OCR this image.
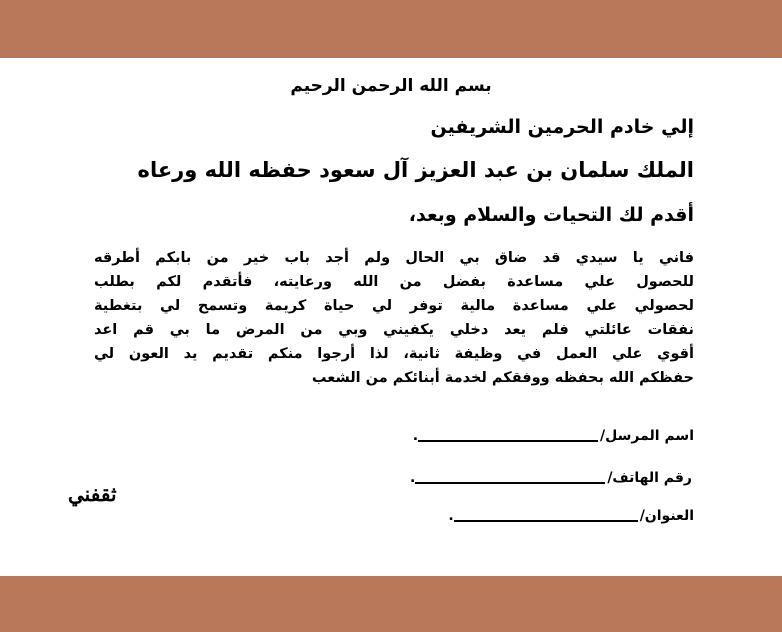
بسم الله الرحمن الرحيم
إلي خادم الحرمين الشريفين
الملك سلمان بن عبد العزيز آل سعود حفظه الله ورعاه
أقدم لك التحيات والسلام وبعد،
فاني يا سيدي قد ضاق بي الحال ولم أجد باب خير من بابكم أطرقه
للحصول علي مساعدة بفضل من الله ورعايته، فأتقدم لكم بطلب
لحصولي علي مساعدة مالية توفر لي حياة كريمة وتسمح لي بتغطية
نفقات عائلتي فلم يعد دخلي يكفيني وبي من المرض ما بي قم اعد
أقوي علي العمل في وظيفة ثانية، لذا أرجوا منكم تقديم يد العون لي
حفظكم الله بحفظه ووفقكم لخدمة أبنائكم من الشعب
اسم المرسل/.
رقم الهاتف/.
العنوان/.
ثقفني
